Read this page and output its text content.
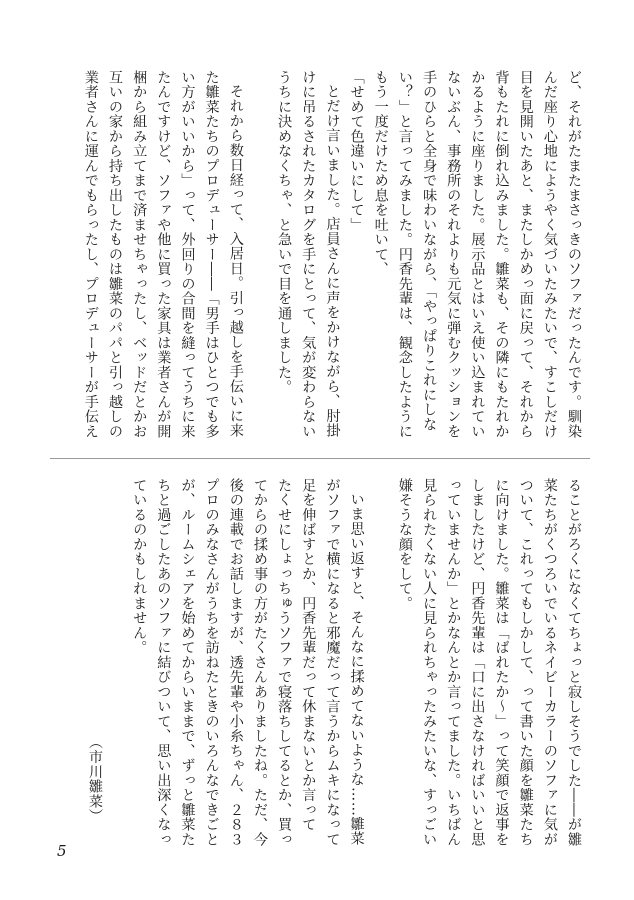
ど、それがたまたまさっきのソファだったんです。馴染
んだ座り心地にようやく気づいたみたいで、すこしだけ
目を見開いたあと、またしかめっ面に戻って、それから
背もたれに倒れ込みました。雛菜も、その隣にもたれか
かるように座りました。展示品とはいえ使い込まれてい
ないぶん、事務所のそれよりも元気に弾むクッションを
手のひらと全身で味わいながら、「やっぱりこれにしな
い？」と言ってみました。円香先輩は、観念したように
もう一度だけため息を吐いて、
「せめて色違いにして」
とだけ言いました。店員さんに声をかけながら、肘掛
けに吊るされたカタログを手にとって、気が変わらない
うちに決めなくちゃ、と急いで目を通しました。

それから数日経って、入居日。引っ越しを手伝いに来
た雛菜たちのプロデューサー――「男手はひとつでも多
い方がいいから」って、外回りの合間を縫ってうちに来
たんですけど、ソファや他に買った家具は業者さんが開
梱から組み立てまで済ませちゃったし、ベッドだとかお
互いの家から持ち出したものは雛菜のパパと引っ越しの
業者さんに運んでもらったし、プロデューサーが手伝え
ることがろくになくてちょっと寂しそうでした――が雛
菜たちがくつろいでいるネイビーカラーのソファに気が
ついて、これってもしかして、って書いた顔を雛菜たち
に向けました。雛菜は「ばれたか～」って笑顔で返事を
しましたけど、円香先輩は「口に出さなければいいと思
っていませんか」とかなんとか言ってました。いちばん
見られたくない人に見られちゃったみたいな、すっごい
嫌そうな顔をして。

いま思い返すと、そんなに揉めてないような……雛菜
がソファで横になると邪魔だって言うからムキになって
足を伸ばすとか、円香先輩だって休まないとか言って
たくせにしょっちゅうソファで寝落ちしてるとか、買っ
てからの揉め事の方がたくさんありましたね。ただ、今
後の連載でお話しますが、透先輩や小糸ちゃん、２８３
プロのみなさんがうちを訪ねたときのいろんなできごと
が、ルームシェアを始めてからいままで、ずっと雛菜た
ちと過ごしたあのソファに結びついて、思い出深くなっ
ているのかもしれません。
（市川雛菜）
5
